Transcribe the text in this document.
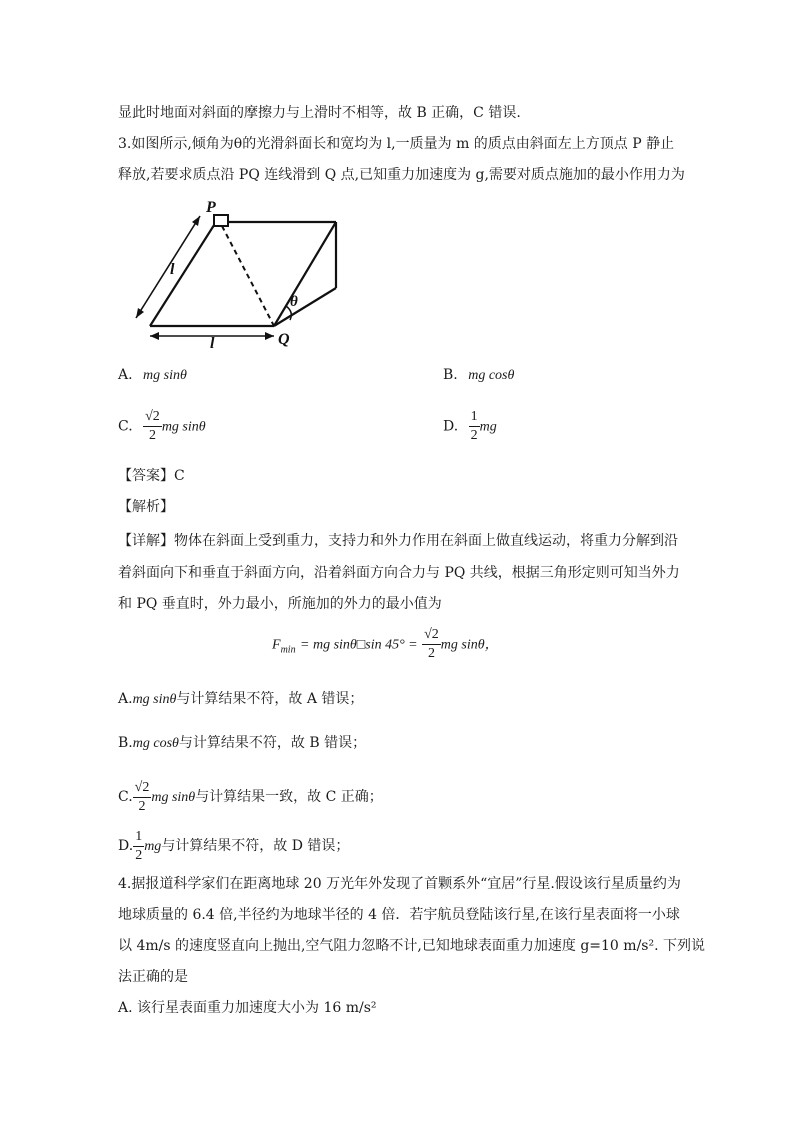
显此时地面对斜面的摩擦力与上滑时不相等，故 B 正确，C 错误.
3.如图所示,倾角为θ的光滑斜面长和宽均为 l,一质量为 m 的质点由斜面左上方顶点 P 静止
释放,若要求质点沿 PQ 连线滑到 Q 点,已知重力加速度为 g,需要对质点施加的最小作用力为
P
Q
l
l
θ
A. mg sinθ	B. mg cosθ
C. $\frac{√2}{2}$ mg sinθ	D. $\frac{1}{2}$ mg
【答案】C
【解析】
【详解】物体在斜面上受到重力，支持力和外力作用在斜面上做直线运动，将重力分解到沿
着斜面向下和垂直于斜面方向，沿着斜面方向合力与 PQ 共线，根据三角形定则可知当外力
和 PQ 垂直时，外力最小，所施加的外力的最小值为
$F_{min}$ = mg sinθ□sin $45^\circ = \frac{√2}{2}$ mg sinθ，
A.mg sinθ与计算结果不符，故 A 错误；
B.mg cosθ与计算结果不符，故 B 错误；
C. $\frac{√2}{2}$ mg sinθ与计算结果一致，故 C 正确；
D. $\frac{1}{2}$ mg与计算结果不符，故 D 错误；
4.据报道科学家们在距离地球 20 万光年外发现了首颗系外“宜居”行星.假设该行星质量约为
地球质量的 6.4 倍,半径约为地球半径的 4 倍．若宇航员登陆该行星,在该行星表面将一小球
以 4m/s 的速度竖直向上抛出,空气阻力忽略不计,已知地球表面重力加速度 g=10 m/s². 下列说
法正确的是
A. 该行星表面重力加速度大小为 16 m/s²
